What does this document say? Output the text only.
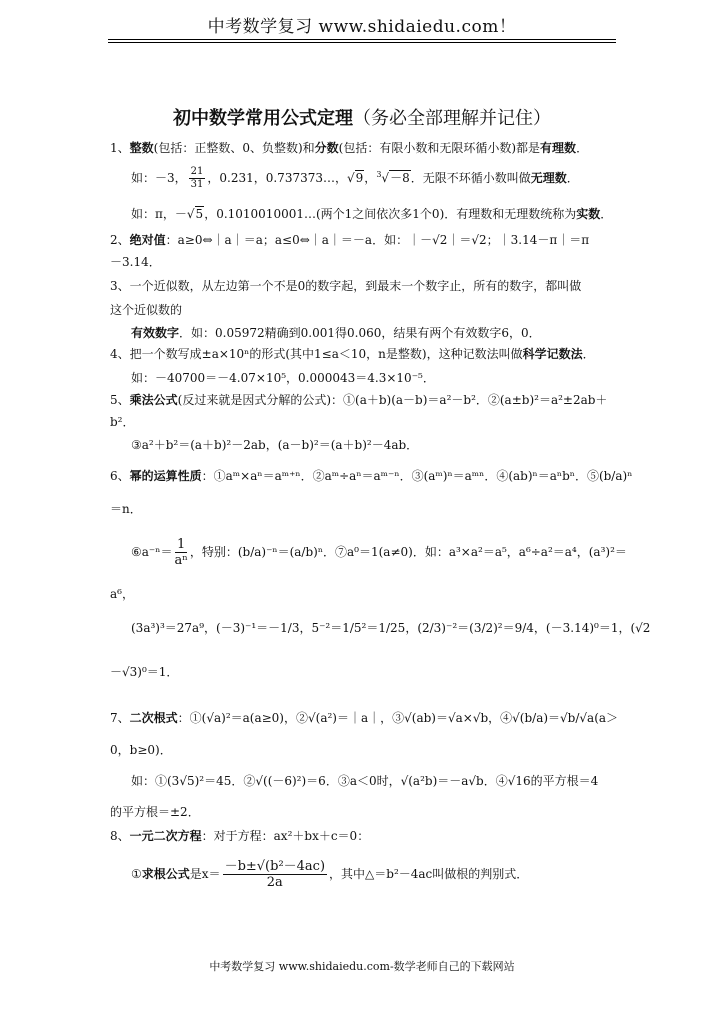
中考数学复习 www.shidaiedu.com！
初中数学常用公式定理（务必全部理解并记住）
1、整数(包括：正整数、0、负整数)和分数(包括：有限小数和无限环循小数)都是有理数．
如：－3， $\frac{21}{31}$ ，0.231，0.737373…，√9，$^3$√－8．无限不环循小数叫做无理数．
如：π，－√5，0.1010010001…(两个1之间依次多1个0)．有理数和无理数统称为实数．
2、绝对值：a≥0⇔｜a｜＝a；a≤0⇔｜a｜＝－a．如：｜－√2｜＝√2；｜3.14－π｜＝π
－3.14．
3、一个近似数，从左边第一个不是0的数字起，到最末一个数字止，所有的数字，都叫做
这个近似数的
有效数字．如：0.05972精确到0.001得0.060，结果有两个有效数字6，0．
4、把一个数写成±a×10ⁿ的形式(其中1≤a＜10，n是整数)，这种记数法叫做科学记数法．
如：－40700＝－4.07×10⁵，0.000043＝4.3×10⁻⁵．
5、乘法公式(反过来就是因式分解的公式)：①(a＋b)(a－b)＝a²－b²．②(a±b)²＝a²±2ab＋
b²．
③a²＋b²＝(a＋b)²－2ab，(a－b)²＝(a＋b)²－4ab．
6、幂的运算性质：①aᵐ×aⁿ＝aᵐ⁺ⁿ．②aᵐ÷aⁿ＝aᵐ⁻ⁿ．③(aᵐ)ⁿ＝aᵐⁿ．④(ab)ⁿ＝aⁿbⁿ．⑤(b/a)ⁿ
＝n．
⑥a⁻ⁿ＝ $\frac{1}{\text{aⁿ}}$ ，特别：(b/a)⁻ⁿ＝(a/b)ⁿ．⑦a⁰＝1(a≠0)．如：a³×a²＝a⁵，a⁶÷a²＝a⁴，(a³)²＝
a⁶，
(3a³)³＝27a⁹，(－3)⁻¹＝－1/3，5⁻²＝1/5²＝1/25，(2/3)⁻²＝(3/2)²＝9/4，(－3.14)⁰＝1，(√2
－√3)⁰＝1．
7、二次根式：①(√a)²＝a(a≥0)，②√(a²)＝｜a｜，③√(ab)＝√a×√b，④√(b/a)＝√b/√a(a＞
0，b≥0)．
如：①(3√5)²＝45．②√((－6)²)＝6．③a＜0时，√(a²b)＝－a√b．④√16的平方根＝4
的平方根＝±2．
8、一元二次方程：对于方程：ax²＋bx＋c＝0：
①求根公式是$x= \frac{\text{－b±√(b²－4ac)}}{2a}$ ，其中△＝b²－4ac叫做根的判别式．
中考数学复习 www.shidaiedu.com-数学老师自己的下载网站
